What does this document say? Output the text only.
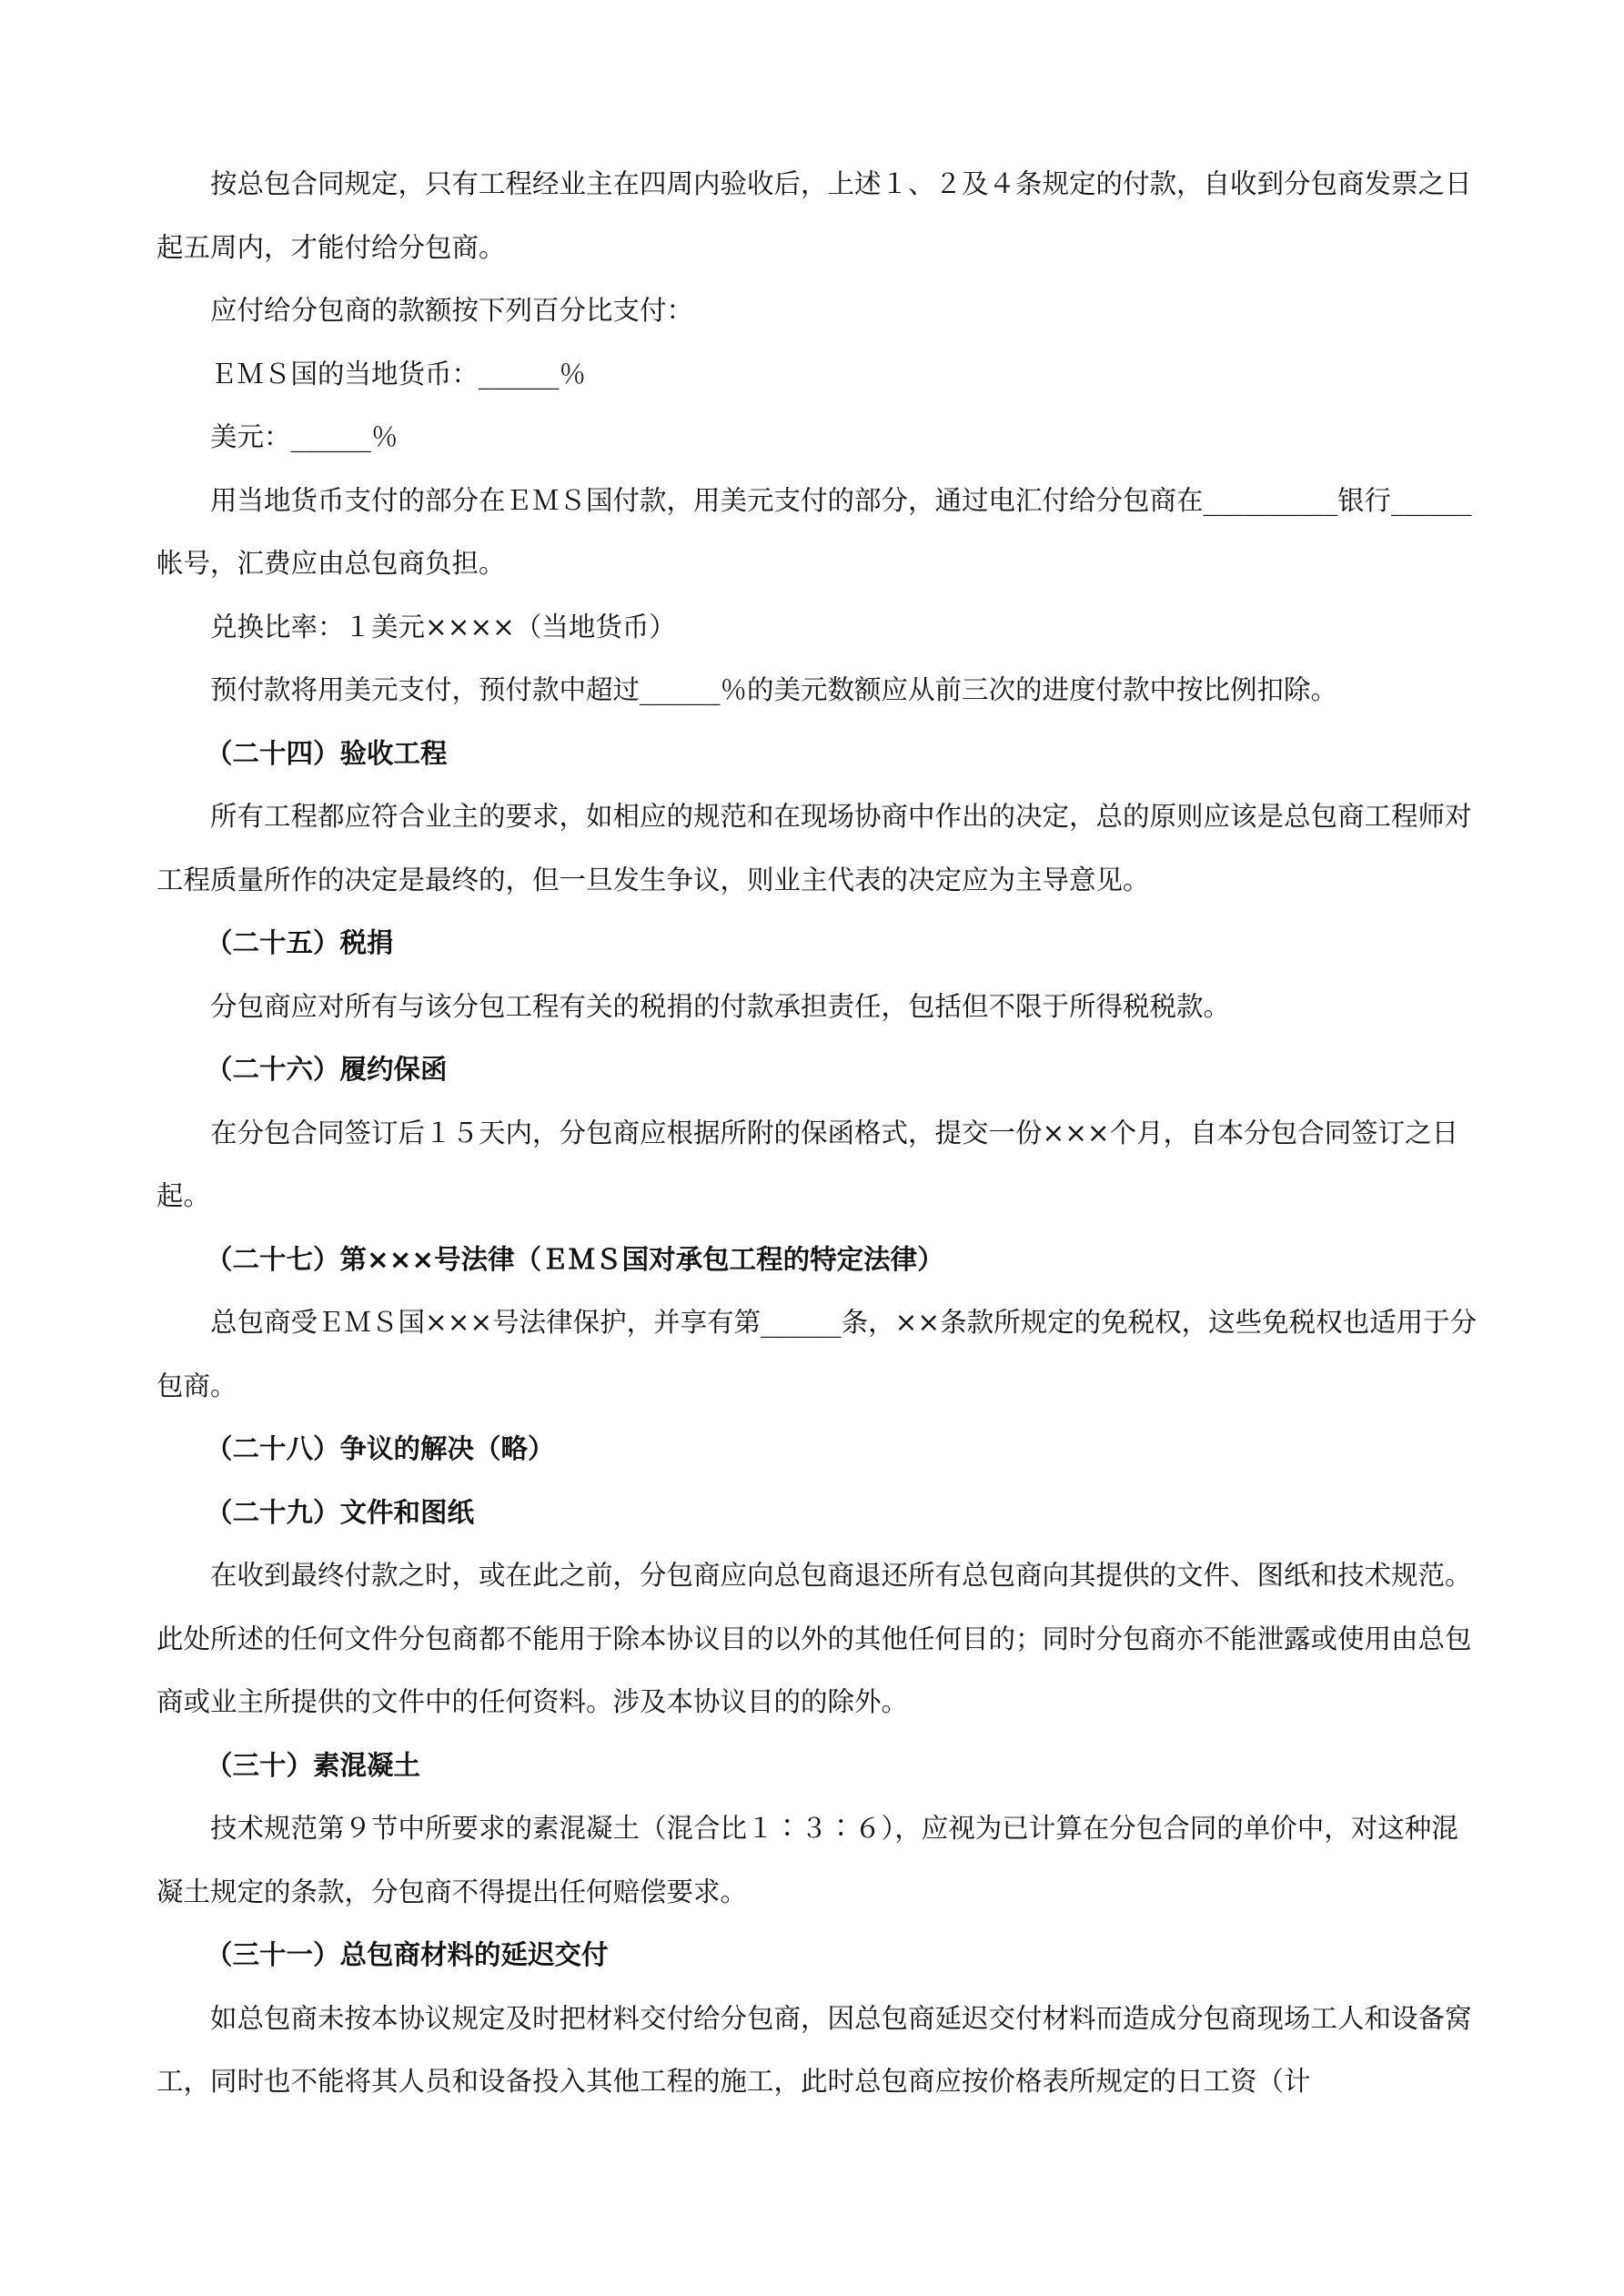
按总包合同规定，只有工程经业主在四周内验收后，上述１、２及４条规定的付款，自收到分包商发票之日起五周内，才能付给分包商。

应付给分包商的款额按下列百分比支付：

ＥＭＳ国的当地货币：______％

美元：______％

用当地货币支付的部分在ＥＭＳ国付款，用美元支付的部分，通过电汇付给分包商在__________银行______帐号，汇费应由总包商负担。

兑换比率：１美元××××（当地货币）

预付款将用美元支付，预付款中超过______％的美元数额应从前三次的进度付款中按比例扣除。

（二十四）验收工程

所有工程都应符合业主的要求，如相应的规范和在现场协商中作出的决定，总的原则应该是总包商工程师对工程质量所作的决定是最终的，但一旦发生争议，则业主代表的决定应为主导意见。

（二十五）税捐

分包商应对所有与该分包工程有关的税捐的付款承担责任，包括但不限于所得税税款。

（二十六）履约保函

在分包合同签订后１５天内，分包商应根据所附的保函格式，提交一份×××个月，自本分包合同签订之日起。

（二十七）第×××号法律（ＥＭＳ国对承包工程的特定法律）

总包商受ＥＭＳ国×××号法律保护，并享有第______条，××条款所规定的免税权，这些免税权也适用于分包商。

（二十八）争议的解决（略）

（二十九）文件和图纸

在收到最终付款之时，或在此之前，分包商应向总包商退还所有总包商向其提供的文件、图纸和技术规范。此处所述的任何文件分包商都不能用于除本协议目的以外的其他任何目的；同时分包商亦不能泄露或使用由总包商或业主所提供的文件中的任何资料。涉及本协议目的的除外。

（三十）素混凝土

技术规范第９节中所要求的素混凝土（混合比１∶３∶６），应视为已计算在分包合同的单价中，对这种混凝土规定的条款，分包商不得提出任何赔偿要求。

（三十一）总包商材料的延迟交付

如总包商未按本协议规定及时把材料交付给分包商，因总包商延迟交付材料而造成分包商现场工人和设备窝工，同时也不能将其人员和设备投入其他工程的施工，此时总包商应按价格表所规定的日工资（计
